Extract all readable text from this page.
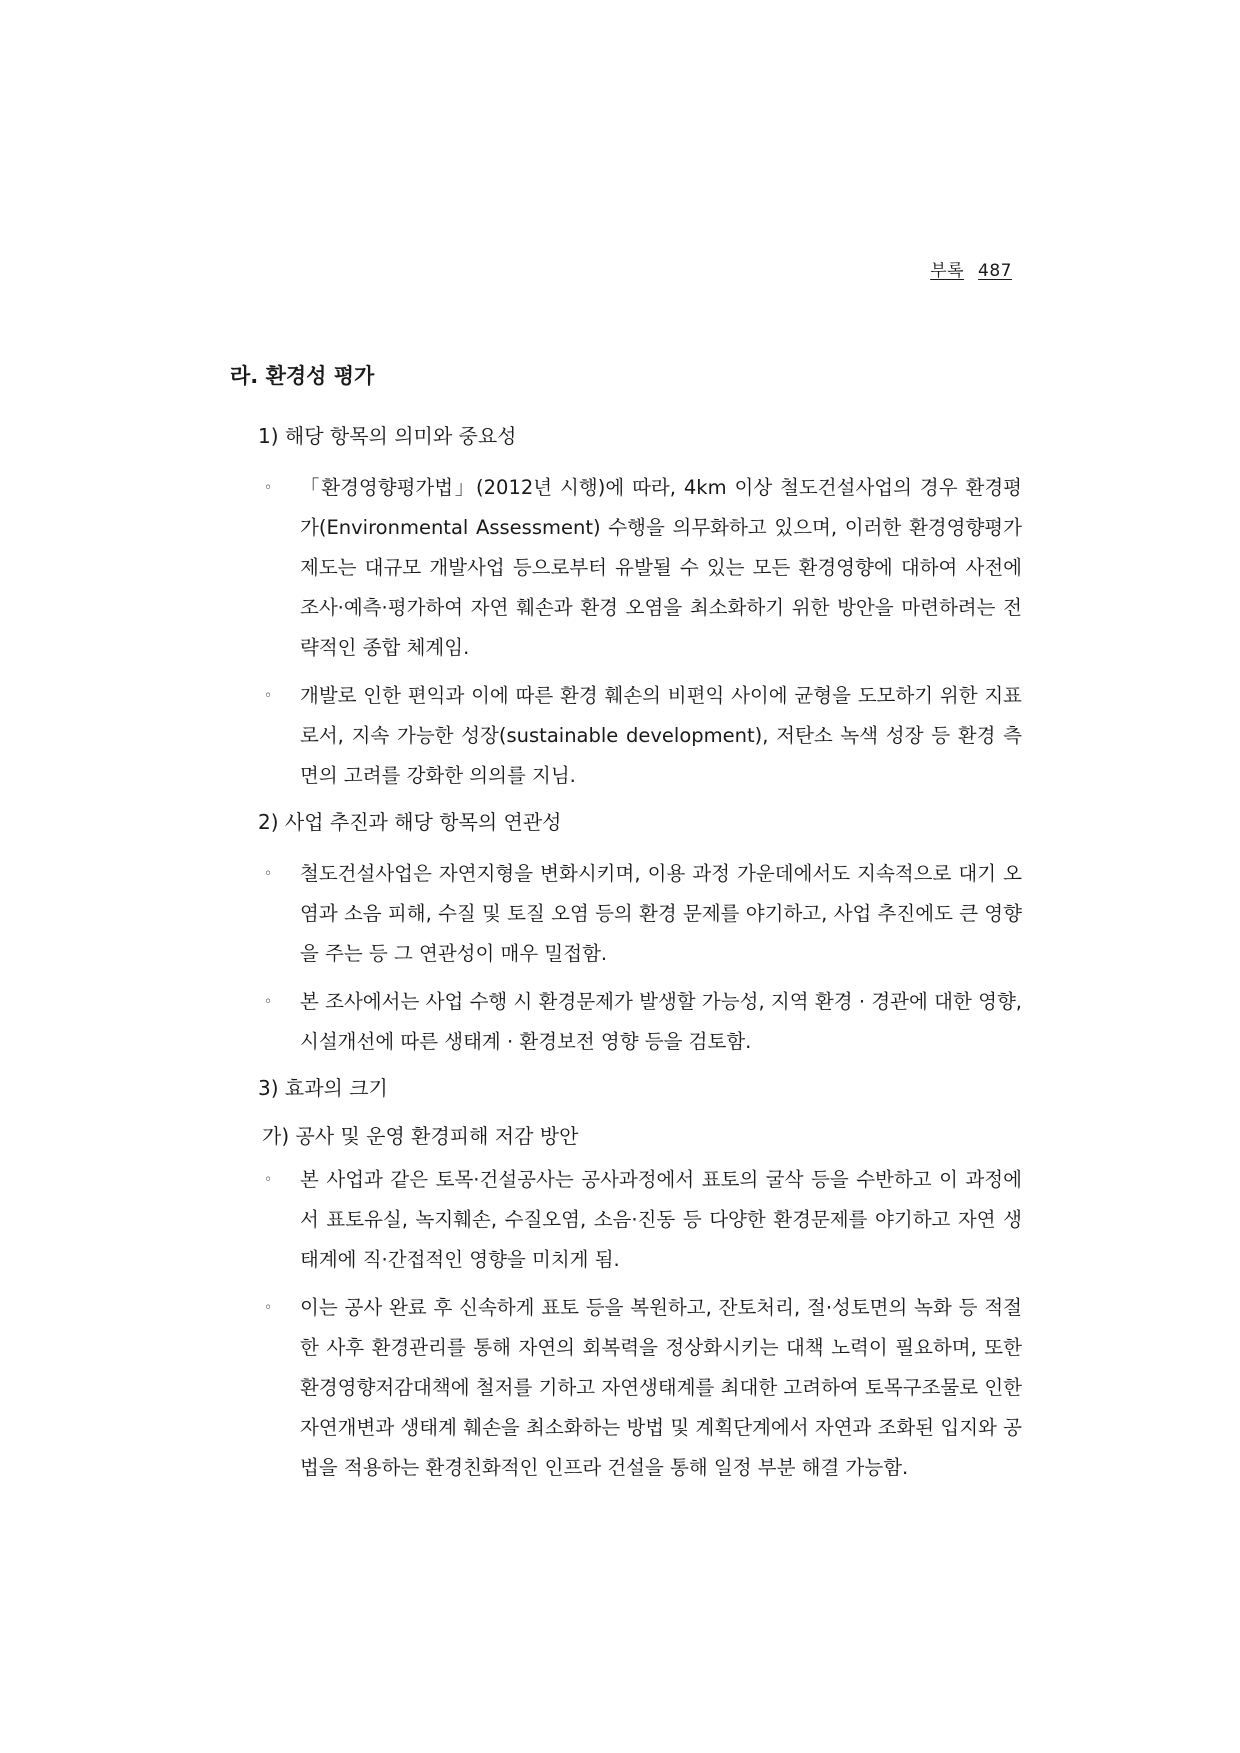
부록 487
라. 환경성 평가
1) 해당 항목의 의미와 중요성
◦ 「환경영향평가법」(2012년 시행)에 따라, 4km 이상 철도건설사업의 경우 환경평가(Environmental Assessment) 수행을 의무화하고 있으며, 이러한 환경영향평가제도는 대규모 개발사업 등으로부터 유발될 수 있는 모든 환경영향에 대하여 사전에 조사·예측·평가하여 자연 훼손과 환경 오염을 최소화하기 위한 방안을 마련하려는 전략적인 종합 체계임.
◦ 개발로 인한 편익과 이에 따른 환경 훼손의 비편익 사이에 균형을 도모하기 위한 지표로서, 지속 가능한 성장(sustainable development), 저탄소 녹색 성장 등 환경 측면의 고려를 강화한 의의를 지님.
2) 사업 추진과 해당 항목의 연관성
◦ 철도건설사업은 자연지형을 변화시키며, 이용 과정 가운데에서도 지속적으로 대기 오염과 소음 피해, 수질 및 토질 오염 등의 환경 문제를 야기하고, 사업 추진에도 큰 영향을 주는 등 그 연관성이 매우 밀접함.
◦ 본 조사에서는 사업 수행 시 환경문제가 발생할 가능성, 지역 환경 · 경관에 대한 영향, 시설개선에 따른 생태계 · 환경보전 영향 등을 검토함.
3) 효과의 크기
가) 공사 및 운영 환경피해 저감 방안
◦ 본 사업과 같은 토목·건설공사는 공사과정에서 표토의 굴삭 등을 수반하고 이 과정에서 표토유실, 녹지훼손, 수질오염, 소음·진동 등 다양한 환경문제를 야기하고 자연 생태계에 직·간접적인 영향을 미치게 됨.
◦ 이는 공사 완료 후 신속하게 표토 등을 복원하고, 잔토처리, 절·성토면의 녹화 등 적절한 사후 환경관리를 통해 자연의 회복력을 정상화시키는 대책 노력이 필요하며, 또한 환경영향저감대책에 철저를 기하고 자연생태계를 최대한 고려하여 토목구조물로 인한 자연개변과 생태계 훼손을 최소화하는 방법 및 계획단계에서 자연과 조화된 입지와 공법을 적용하는 환경친화적인 인프라 건설을 통해 일정 부분 해결 가능함.
